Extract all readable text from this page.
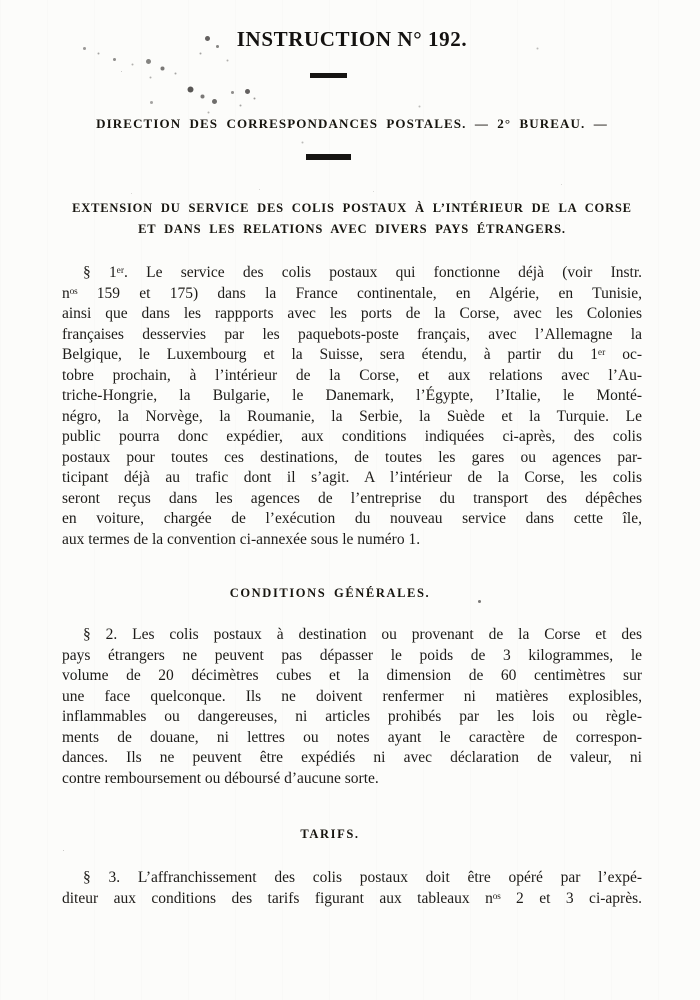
INSTRUCTION N° 192.
DIRECTION DES CORRESPONDANCES POSTALES. — 2° BUREAU. —
EXTENSION DU SERVICE DES COLIS POSTAUX À L’INTÉRIEUR DE LA CORSE
ET DANS LES RELATIONS AVEC DIVERS PAYS ÉTRANGERS.
§ 1ᵉʳ. Le service des colis postaux qui fonctionne déjà (voir Instr.
nᵒˢ 159 et 175) dans la France continentale, en Algérie, en Tunisie,
ainsi que dans les rappports avec les ports de la Corse, avec les Colonies
françaises desservies par les paquebots-poste français, avec l’Allemagne la
Belgique, le Luxembourg et la Suisse, sera étendu, à partir du 1ᵉʳ oc-
tobre prochain, à l’intérieur de la Corse, et aux relations avec l’Au-
triche-Hongrie, la Bulgarie, le Danemark, l’Égypte, l’Italie, le Monté-
négro, la Norvège, la Roumanie, la Serbie, la Suède et la Turquie. Le
public pourra donc expédier, aux conditions indiquées ci-après, des colis
postaux pour toutes ces destinations, de toutes les gares ou agences par-
ticipant déjà au trafic dont il s’agit. A l’intérieur de la Corse, les colis
seront reçus dans les agences de l’entreprise du transport des dépêches
en voiture, chargée de l’exécution du nouveau service dans cette île,
aux termes de la convention ci-annexée sous le numéro 1.
CONDITIONS GÉNÉRALES.
§ 2. Les colis postaux à destination ou provenant de la Corse et des
pays étrangers ne peuvent pas dépasser le poids de 3 kilogrammes, le
volume de 20 décimètres cubes et la dimension de 60 centimètres sur
une face quelconque. Ils ne doivent renfermer ni matières explosibles,
inflammables ou dangereuses, ni articles prohibés par les lois ou règle-
ments de douane, ni lettres ou notes ayant le caractère de correspon-
dances. Ils ne peuvent être expédiés ni avec déclaration de valeur, ni
contre remboursement ou déboursé d’aucune sorte.
TARIFS.
§ 3. L’affranchissement des colis postaux doit être opéré par l’expé-
diteur aux conditions des tarifs figurant aux tableaux nᵒˢ 2 et 3 ci-après.
